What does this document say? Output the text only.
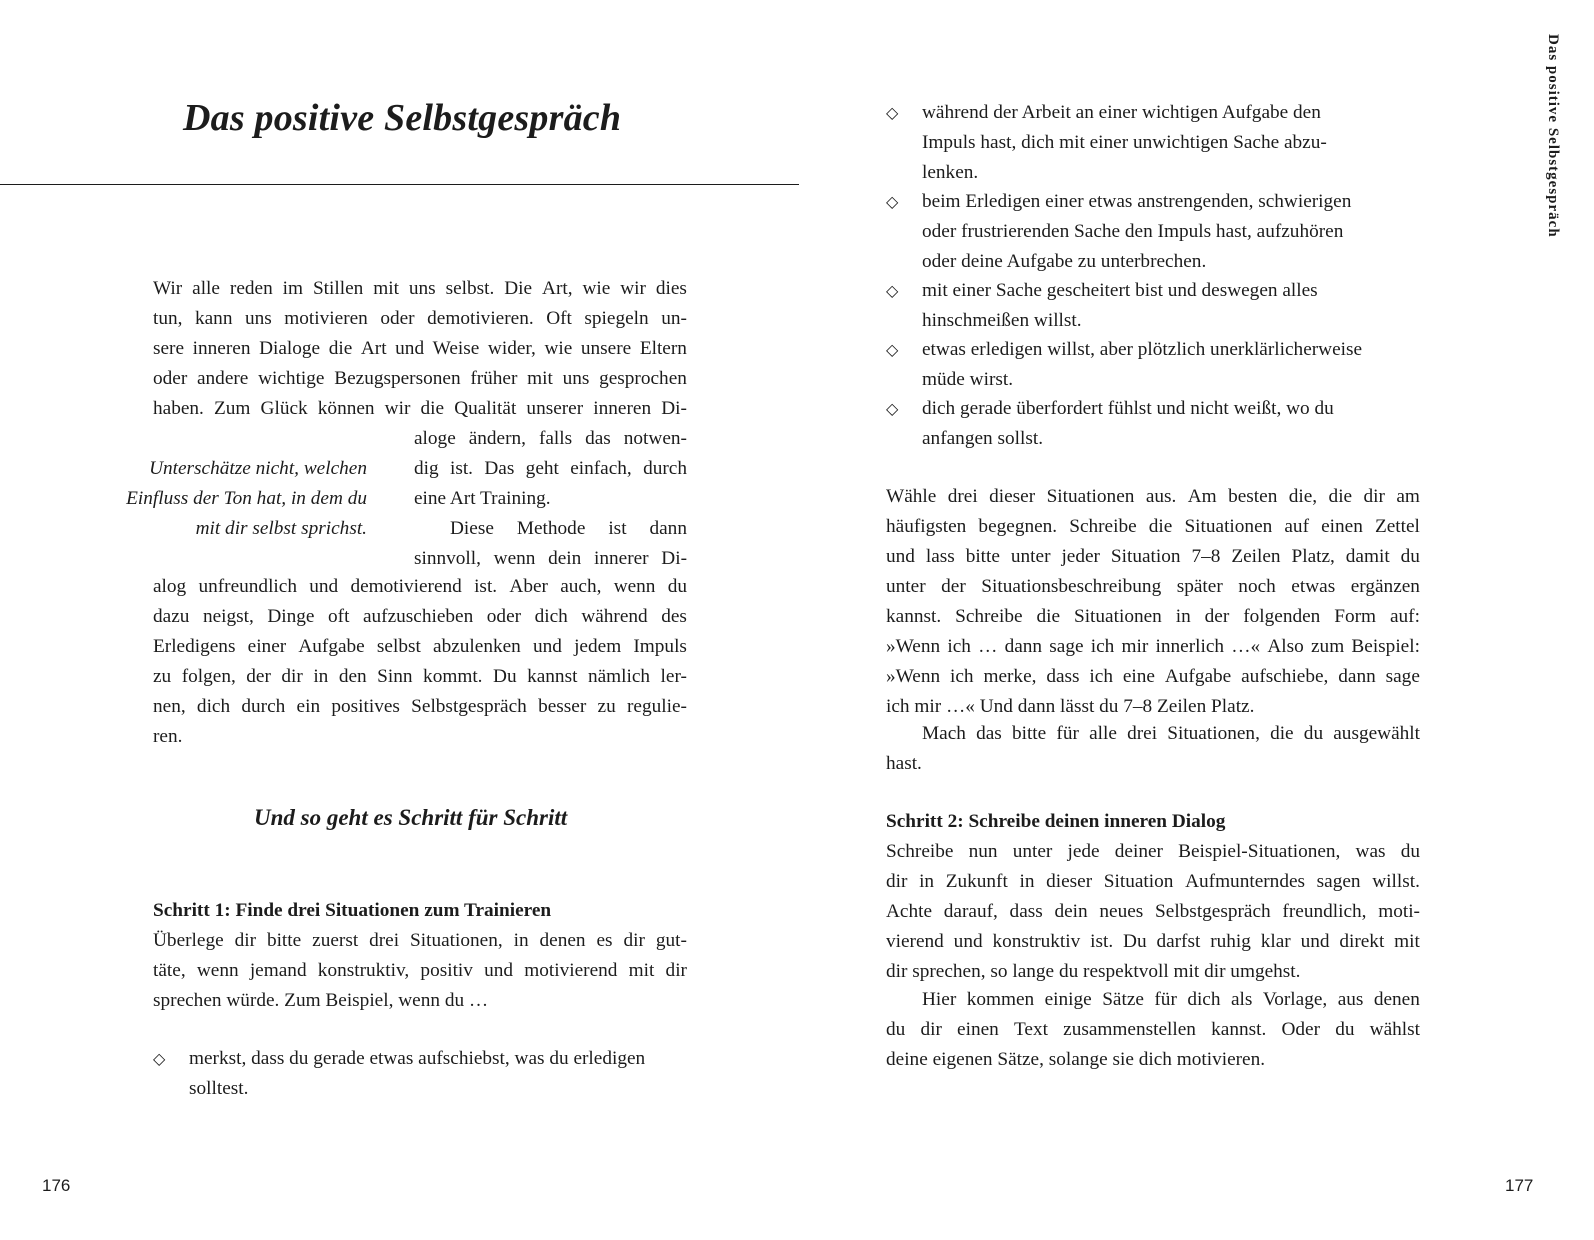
Das positive Selbstgespräch
Wir alle reden im Stillen mit uns selbst. Die Art, wie wir dies
tun, kann uns motivieren oder demotivieren. Oft spiegeln un-
sere inneren Dialoge die Art und Weise wider, wie unsere Eltern
oder andere wichtige Bezugspersonen früher mit uns gesprochen
haben. Zum Glück können wir die Qualität unserer inneren Di-
aloge ändern, falls das notwen-
dig ist. Das geht einfach, durch
eine Art Training.
Diese Methode ist dann
sinnvoll, wenn dein innerer Di-
Unterschätze nicht, welchen
Einfluss der Ton hat, in dem du
mit dir selbst sprichst.
alog unfreundlich und demotivierend ist. Aber auch, wenn du
dazu neigst, Dinge oft aufzuschieben oder dich während des
Erledigens einer Aufgabe selbst abzulenken und jedem Impuls
zu folgen, der dir in den Sinn kommt. Du kannst nämlich ler-
nen, dich durch ein positives Selbstgespräch besser zu regulie-
ren.
Und so geht es Schritt für Schritt
Schritt 1: Finde drei Situationen zum Trainieren
Überlege dir bitte zuerst drei Situationen, in denen es dir gut-
täte, wenn jemand konstruktiv, positiv und motivierend mit dir
sprechen würde. Zum Beispiel, wenn du …
◇	merkst, dass du gerade etwas aufschiebst, was du erledigen
solltest.
176
◇	während der Arbeit an einer wichtigen Aufgabe den
Impuls hast, dich mit einer unwichtigen Sache abzu-
lenken.
◇	beim Erledigen einer etwas anstrengenden, schwierigen
oder frustrierenden Sache den Impuls hast, aufzuhören
oder deine Aufgabe zu unterbrechen.
◇	mit einer Sache gescheitert bist und deswegen alles
hinschmeißen willst.
◇	etwas erledigen willst, aber plötzlich unerklärlicherweise
müde wirst.
◇	dich gerade überfordert fühlst und nicht weißt, wo du
anfangen sollst.
Wähle drei dieser Situationen aus. Am besten die, die dir am
häufigsten begegnen. Schreibe die Situationen auf einen Zettel
und lass bitte unter jeder Situation 7–8 Zeilen Platz, damit du
unter der Situationsbeschreibung später noch etwas ergänzen
kannst. Schreibe die Situationen in der folgenden Form auf:
»Wenn ich … dann sage ich mir innerlich …« Also zum Beispiel:
»Wenn ich merke, dass ich eine Aufgabe aufschiebe, dann sage
ich mir …« Und dann lässt du 7–8 Zeilen Platz.
Mach das bitte für alle drei Situationen, die du ausgewählt
hast.
Schritt 2: Schreibe deinen inneren Dialog
Schreibe nun unter jede deiner Beispiel-Situationen, was du
dir in Zukunft in dieser Situation Aufmunterndes sagen willst.
Achte darauf, dass dein neues Selbstgespräch freundlich, moti-
vierend und konstruktiv ist. Du darfst ruhig klar und direkt mit
dir sprechen, so lange du respektvoll mit dir umgehst.
Hier kommen einige Sätze für dich als Vorlage, aus denen
du dir einen Text zusammenstellen kannst. Oder du wählst
deine eigenen Sätze, solange sie dich motivieren.
Das positive Selbstgespräch
177
